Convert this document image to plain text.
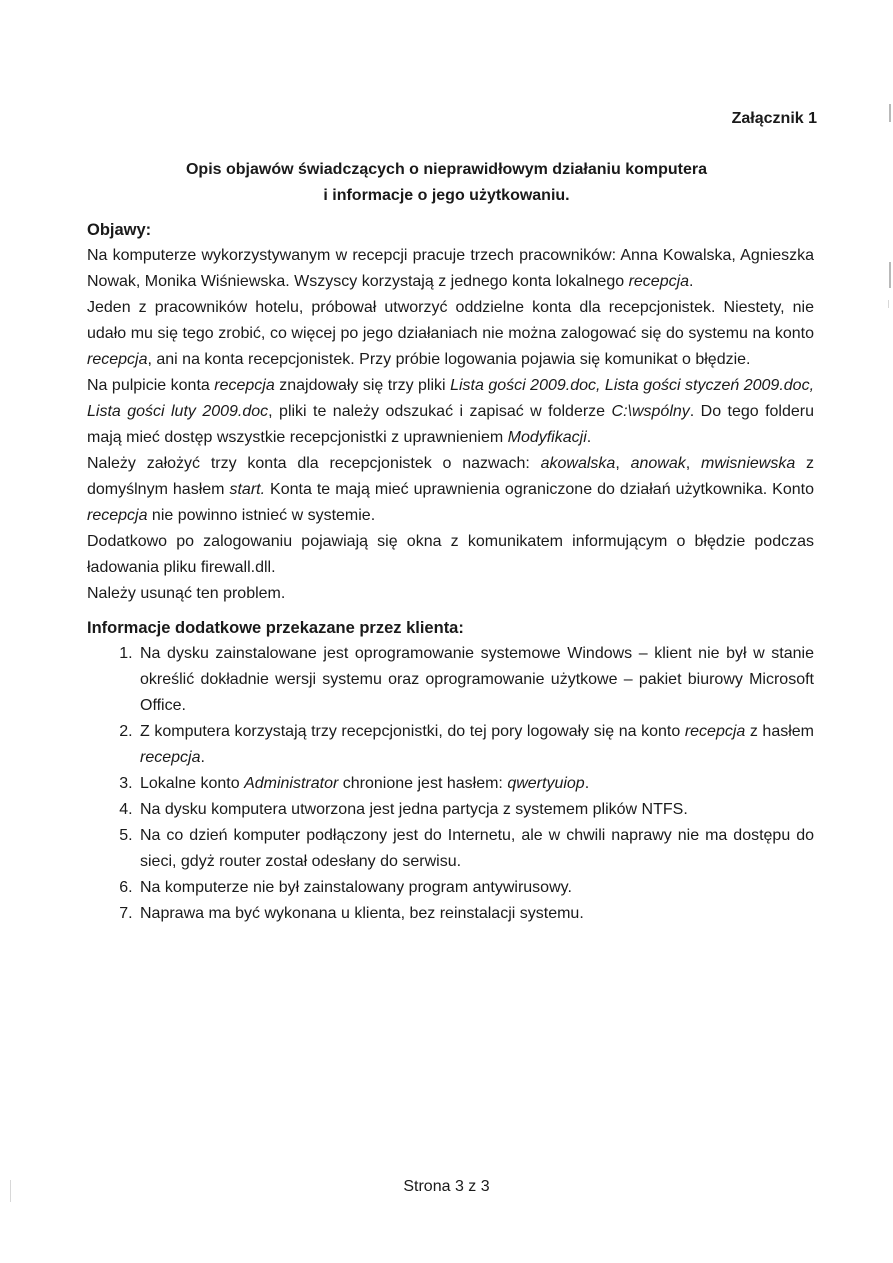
Załącznik 1
Opis objawów świadczących o nieprawidłowym działaniu komputera
i informacje o jego użytkowaniu.

Objawy:

Na komputerze wykorzystywanym w recepcji pracuje trzech pracowników: Anna Kowalska, Agnieszka Nowak, Monika Wiśniewska. Wszyscy korzystają z jednego konta lokalnego recepcja.

Jeden z pracowników hotelu, próbował utworzyć oddzielne konta dla recepcjonistek. Niestety, nie udało mu się tego zrobić, co więcej po jego działaniach nie można zalogować się do systemu na konto recepcja, ani na konta recepcjonistek. Przy próbie logowania pojawia się komunikat o błędzie.

Na pulpicie konta recepcja znajdowały się trzy pliki Lista gości 2009.doc, Lista gości styczeń 2009.doc, Lista gości luty 2009.doc, pliki te należy odszukać i zapisać w folderze C:\wspólny. Do tego folderu mają mieć dostęp wszystkie recepcjonistki z uprawnieniem Modyfikacji.

Należy założyć trzy konta dla recepcjonistek o nazwach: akowalska, anowak, mwisniewska z domyślnym hasłem start. Konta te mają mieć uprawnienia ograniczone do działań użytkownika. Konto recepcja nie powinno istnieć w systemie.

Dodatkowo po zalogowaniu pojawiają się okna z komunikatem informującym o błędzie podczas ładowania pliku firewall.dll.

Należy usunąć ten problem.

Informacje dodatkowe przekazane przez klienta:

1. Na dysku zainstalowane jest oprogramowanie systemowe Windows – klient nie był w stanie określić dokładnie wersji systemu oraz oprogramowanie użytkowe – pakiet biurowy Microsoft Office.
2. Z komputera korzystają trzy recepcjonistki, do tej pory logowały się na konto recepcja z hasłem recepcja.
3. Lokalne konto Administrator chronione jest hasłem: qwertyuiop.
4. Na dysku komputera utworzona jest jedna partycja z systemem plików NTFS.
5. Na co dzień komputer podłączony jest do Internetu, ale w chwili naprawy nie ma dostępu do sieci, gdyż router został odesłany do serwisu.
6. Na komputerze nie był zainstalowany program antywirusowy.
7. Naprawa ma być wykonana u klienta, bez reinstalacji systemu.
Strona 3 z 3
